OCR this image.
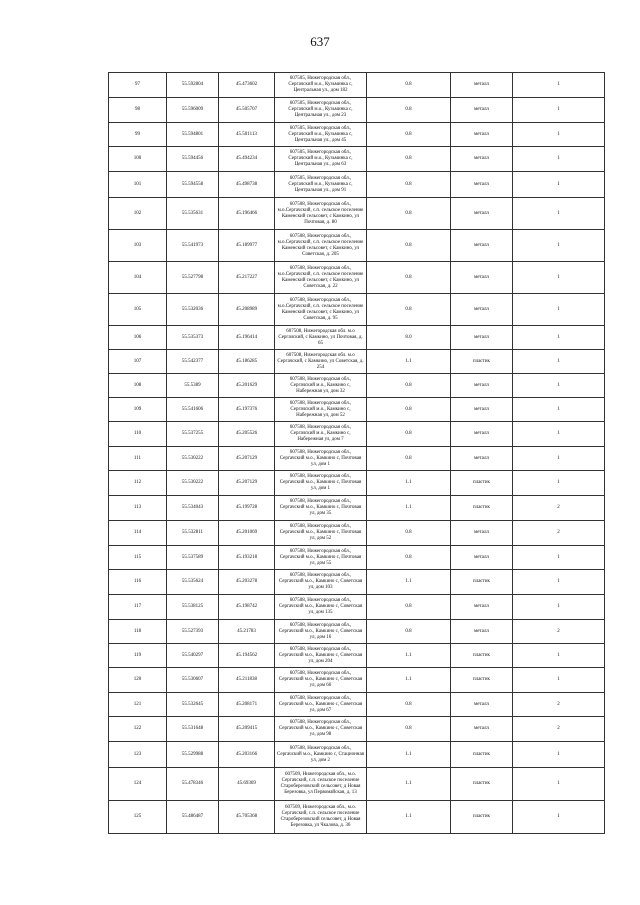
637
97	55.592804	45.473602	607505, Нижегородская обл., Сергачский м.о., Кузьминка с, Центральная ул., дом 182	0.8	металл	1
98	55.596009	45.505707	607505, Нижегородская обл., Сергачский м.о., Кузьминка с, Центральная ул., дом 23	0.8	металл	1
99	55.594801	45.501113	607505, Нижегородская обл., Сергачский м.о., Кузьминка с, Центральная ул., дом 45	0.8	металл	1
100	55.594456	45.494234	607505, Нижегородская обл., Сергачский м.о., Кузьминка с, Центральная ул., дом 63	0.8	металл	1
101	55.594558	45.498738	607505, Нижегородская обл., Сергачский м.о., Кузьминка с, Центральная ул., дом 91	0.8	металл	1
102	55.535631	45.196466	607508, Нижегородская обл., м.о.Сергачский, с.п. сельское поселение Каменский сельсовет, с Камкино, ул Почтовая, д. 80	0.8	металл	1
103	55.541973	45.189977	607508, Нижегородская обл., м.о.Сергачский, с.п. сельское поселение Каменский сельсовет, с Камкино, ул Советская, д. 205	0.8	металл	1
104	55.527798	45.217227	607508, Нижегородская обл., м.о.Сергачский, с.п. сельское поселение Каменский сельсовет, с Камкино, ул Советская, д. 22	0.8	металл	1
105	55.532036	45.208989	607508, Нижегородская обл., м.о.Сергачский, с.п. сельское поселение Каменский сельсовет, с Камкино, ул Советская, д. 95	0.8	металл	1
106	55.535373	45.196414	607508, Нижегородская обл. м.о Сергачский, с Камкино, ул Почтовая, д. 65	8.0	металл	1
107	55.542377	45.186285	607508, Нижегородская обл. м.о Сергачский, с Камкино, ул Советская, д. 254	1.1	пластик	1
108	55.5389	45.201629	607508, Нижегородская обл., Сергачский м.о., Камкино с, Набережная ул, дом 32	0.8	металл	1
109	55.541606	45.197376	607508, Нижегородская обл., Сергачский м.о., Камкино с, Набережная ул, дом 52	0.8	металл	1
110	55.537255	45.205526	607508, Нижегородская обл., Сергачский м.о., Камкино с, Набережная ул, дом 7	0.8	металл	1
111	55.530222	45.207129	607508, Нижегородская обл., Сергачский м.о., Камкино с, Почтовая ул, дом 1	0.8	металл	1
112	55.530222	45.207129	607508, Нижегородская обл., Сергачский м.о., Камкино с, Почтовая ул, дом 1	1.1	пластик	1
113	55.534043	45.199728	607508, Нижегородская обл., Сергачский м.о., Камкино с, Почтовая ул, дом 35	1.1	пластик	2
114	55.532811	45.201069	607508, Нижегородская обл., Сергачский м.о., Камкино с, Почтовая ул, дом 52	0.8	металл	2
115	55.537589	45.193218	607508, Нижегородская обл., Сергачский м.о., Камкино с, Почтовая ул, дом 55	0.8	металл	1
116	55.535624	45.203278	607508, Нижегородская обл., Сергачский м.о., Камкино с, Советская ул, дом 103	1.1	пластик	1
117	55.538125	45.198742	607508, Нижегородская обл., Сергачский м.о., Камкино с, Советская ул, дом 135	0.8	металл	1
118	55.527393	45.21783	607508, Нижегородская обл., Сергачский м.о., Камкино с, Советская ул, дом 16	0.8	металл	2
119	55.540297	45.194562	607508, Нижегородская обл., Сергачский м.о., Камкино с, Советская ул, дом 204	1.1	пластик	1
120	55.530607	45.211838	607508, Нижегородская обл., Сергачский м.о., Камкино с, Советская ул, дом 66	1.1	пластик	1
121	55.532645	45.208171	607508, Нижегородская обл., Сергачский м.о., Камкино с, Советская ул, дом 67	0.8	металл	2
122	55.531648	45.209415	607508, Нижегородская обл., Сергачский м.о., Камкино с, Советская ул, дом 98	0.8	металл	2
123	55.529988	45.203166	607508, Нижегородская обл., Сергачский м.о., Камкино с, Стационная ул, дом 2	1.1	пластик	1
124	55.478346	45.69369	607509, Нижегородская обл., м.о. Сергачский, с.п. сельское поселение Староберезовский сельсовет, д Новая Березовка, ул Первомайская, д. 13	1.1	пластик	1
125	55.486487	45.705368	607509, Нижегородская обл., м.о. Сергачский, с.п. сельское поселение Староберезовский сельсовет, д Новая Березовка, ул Чкалова, д. 36	1.1	пластик	1
